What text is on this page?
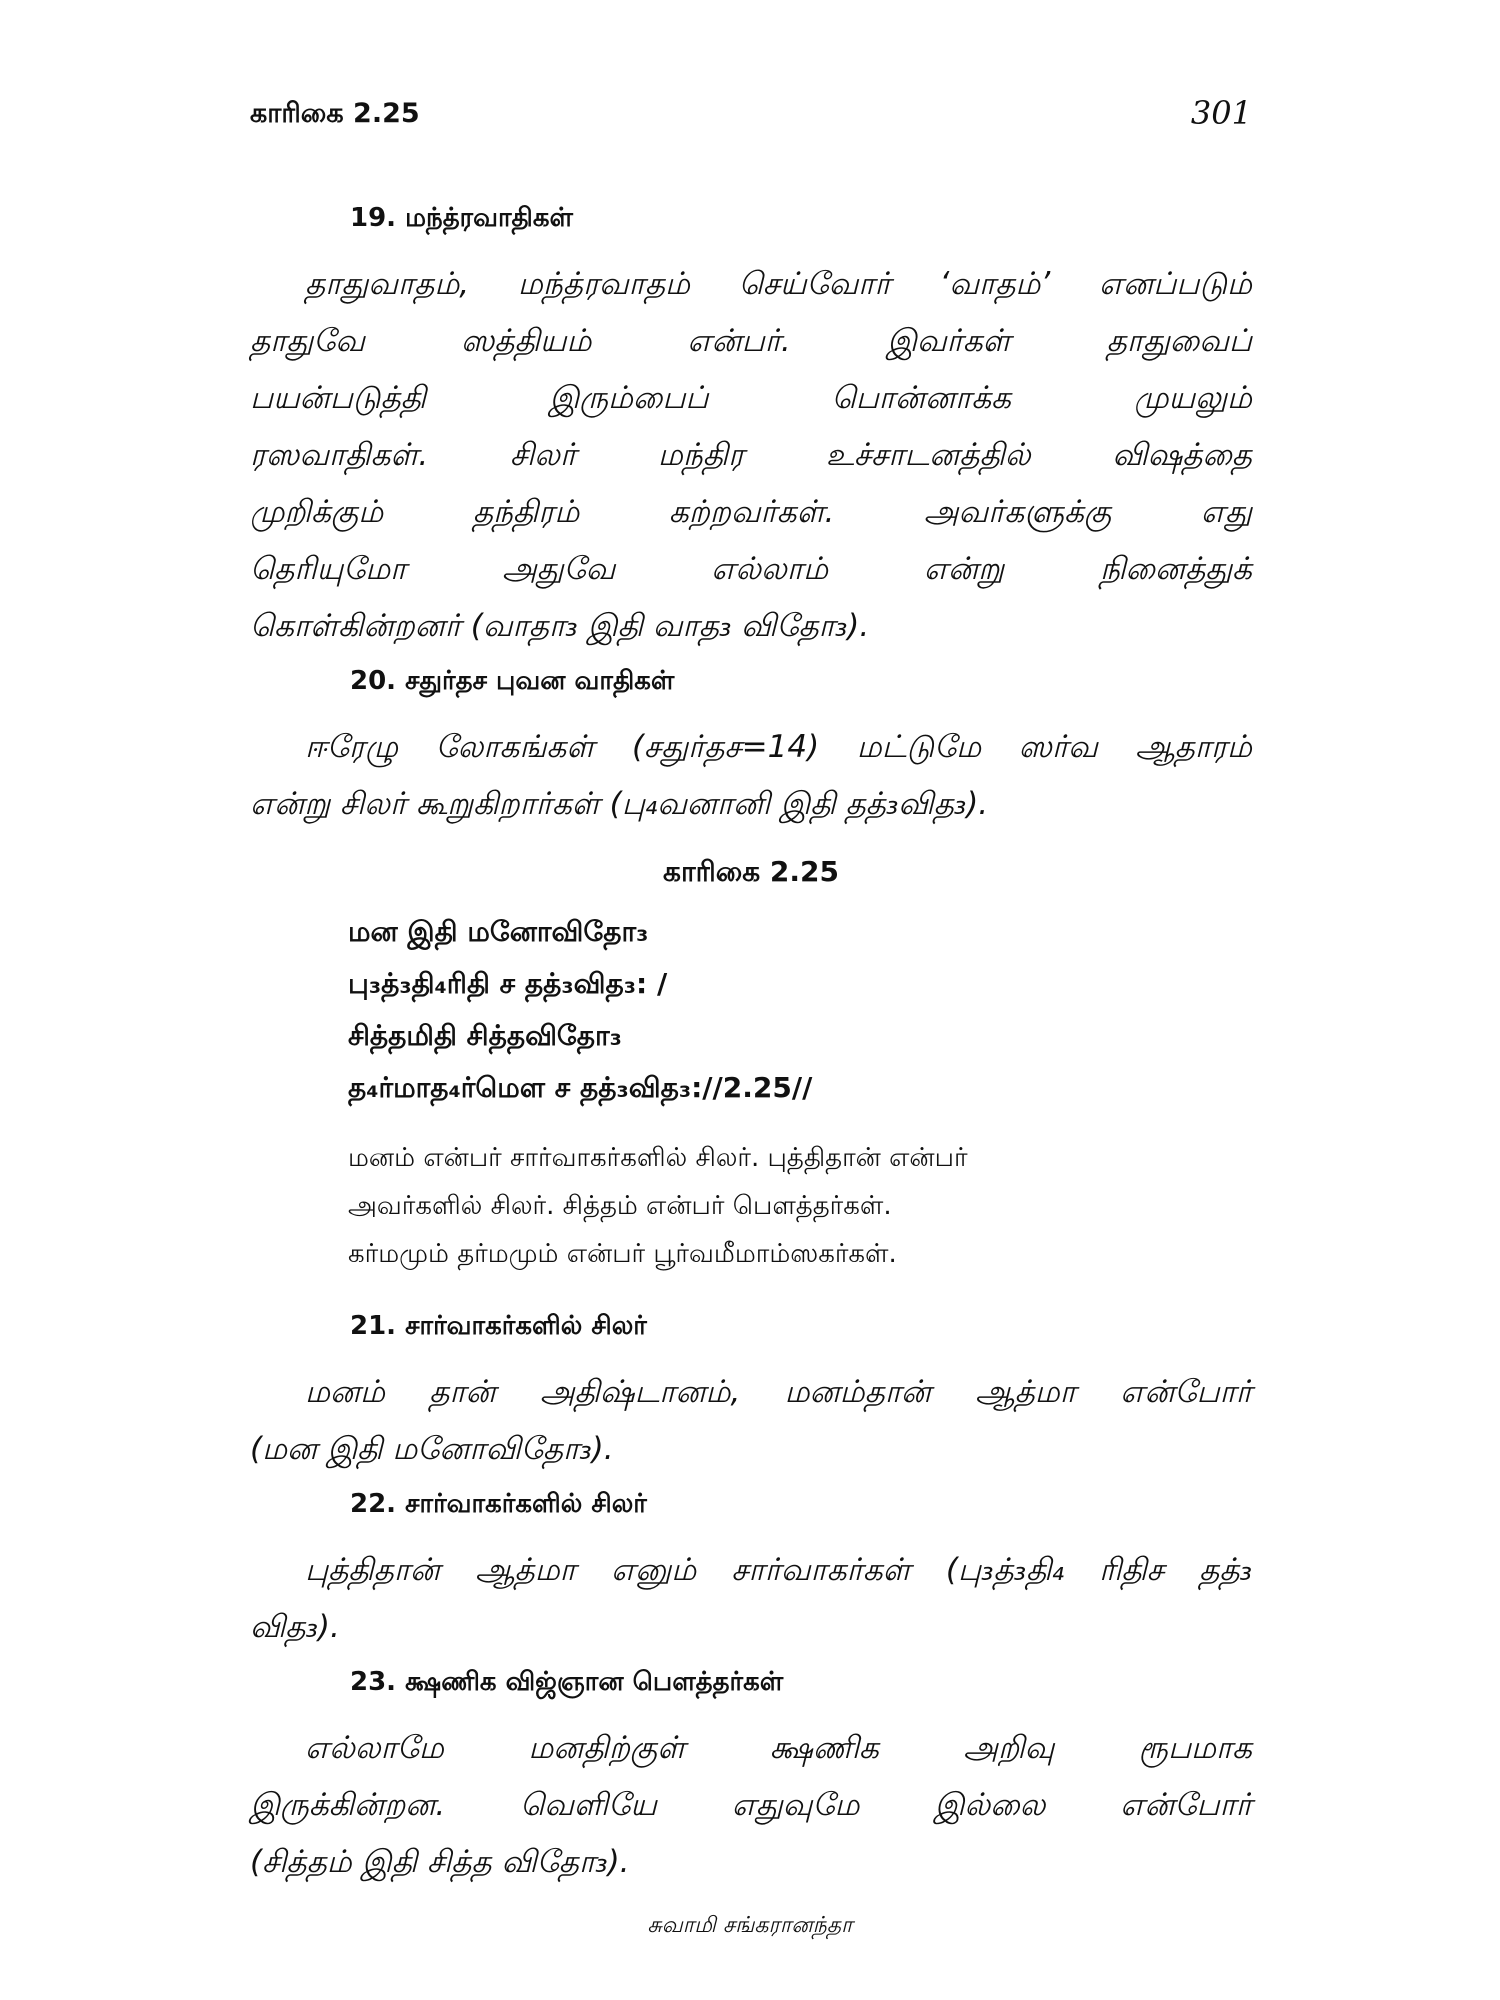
காரிகை 2.25	301
19. மந்த்ரவாதிகள்
தாதுவாதம், மந்த்ரவாதம் செய்வோர் ‘வாதம்’ எனப்படும்
தாதுவே ஸத்தியம் என்பர். இவர்கள் தாதுவைப்
பயன்படுத்தி இரும்பைப் பொன்னாக்க முயலும்
ரஸவாதிகள். சிலர் மந்திர உச்சாடனத்தில் விஷத்தை
முறிக்கும் தந்திரம் கற்றவர்கள். அவர்களுக்கு எது
தெரியுமோ அதுவே எல்லாம் என்று நினைத்துக்
கொள்கின்றனர் (வாதா₃ இதி வாத₃ விதோ₃).
20. சதுர்தச புவன வாதிகள்
ஈரேழு லோகங்கள் (சதுர்தச=14) மட்டுமே ஸர்வ ஆதாரம்
என்று சிலர் கூறுகிறார்கள் (பு₄வனானி இதி தத்₃வித₃).
காரிகை 2.25
மன இதி மனோவிதோ₃
பு₃த்₃தி₄ரிதி ச தத்₃வித₃: /
சித்தமிதி சித்தவிதோ₃
த₄ர்மாத₄ர்மௌ ச தத்₃வித₃://2.25//
மனம் என்பர் சார்வாகர்களில் சிலர். புத்திதான் என்பர்
அவர்களில் சிலர். சித்தம் என்பர் பௌத்தர்கள்.
கர்மமும் தர்மமும் என்பர் பூர்வமீமாம்ஸகர்கள்.
21. சார்வாகர்களில் சிலர்
மனம் தான் அதிஷ்டானம், மனம்தான் ஆத்மா என்போர்
(மன இதி மனோவிதோ₃).
22. சார்வாகர்களில் சிலர்
புத்திதான் ஆத்மா எனும் சார்வாகர்கள் (பு₃த்₃தி₄ ரிதிச தத்₃
வித₃).
23. க்ஷணிக விஜ்ஞான பௌத்தர்கள்
எல்லாமே மனதிற்குள் க்ஷணிக அறிவு ரூபமாக
இருக்கின்றன. வெளியே எதுவுமே இல்லை என்போர்
(சித்தம் இதி சித்த விதோ₃).
சுவாமி சங்கரானந்தா
